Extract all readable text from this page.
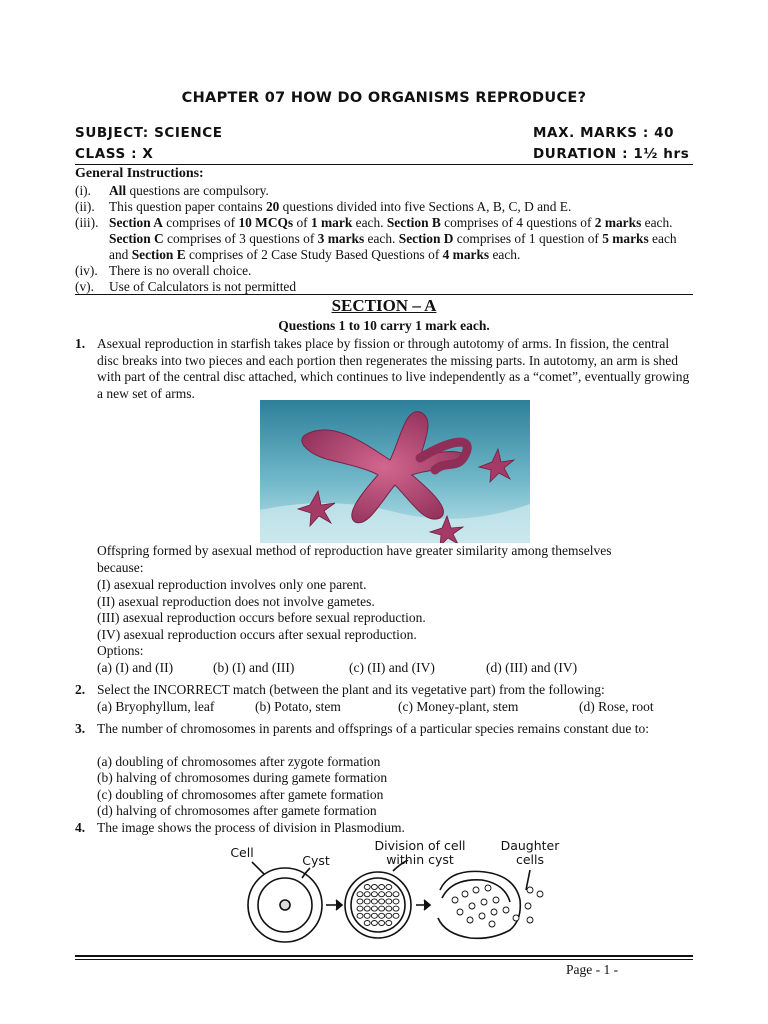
CHAPTER 07 HOW DO ORGANISMS REPRODUCE?
SUBJECT: SCIENCE	MAX. MARKS : 40
CLASS : X	DURATION : 1½ hrs
General Instructions:
(i).	All questions are compulsory.
(ii).	This question paper contains 20 questions divided into five Sections A, B, C, D and E.
(iii). Section A comprises of 10 MCQs of 1 mark each. Section B comprises of 4 questions of 2 marks each. Section C comprises of 3 questions of 3 marks each. Section D comprises of 1 question of 5 marks each and Section E comprises of 2 Case Study Based Questions of 4 marks each.
(iv). There is no overall choice.
(v).	Use of Calculators is not permitted
SECTION – A
Questions 1 to 10 carry 1 mark each.
1. Asexual reproduction in starfish takes place by fission or through autotomy of arms. In fission, the central disc breaks into two pieces and each portion then regenerates the missing parts. In autotomy, an arm is shed with part of the central disc attached, which continues to live independently as a “comet”, eventually growing a new set of arms.
Offspring formed by asexual method of reproduction have greater similarity among themselves
because:
(I) asexual reproduction involves only one parent.
(II) asexual reproduction does not involve gametes.
(III) asexual reproduction occurs before sexual reproduction.
(IV) asexual reproduction occurs after sexual reproduction.
Options:
(a) (I) and (II)	(b) (I) and (III)	(c) (II) and (IV)	(d) (III) and (IV)
2. Select the INCORRECT match (between the plant and its vegetative part) from the following:
(a) Bryophyllum, leaf	(b) Potato, stem	(c) Money-plant, stem	(d) Rose, root
3. The number of chromosomes in parents and offsprings of a particular species remains constant due to:
(a) doubling of chromosomes after zygote formation
(b) halving of chromosomes during gamete formation
(c) doubling of chromosomes after gamete formation
(d) halving of chromosomes after gamete formation
4. The image shows the process of division in Plasmodium.
Cell
Cyst
Division of cell within cyst
Daughter cells
Page - 1 -
